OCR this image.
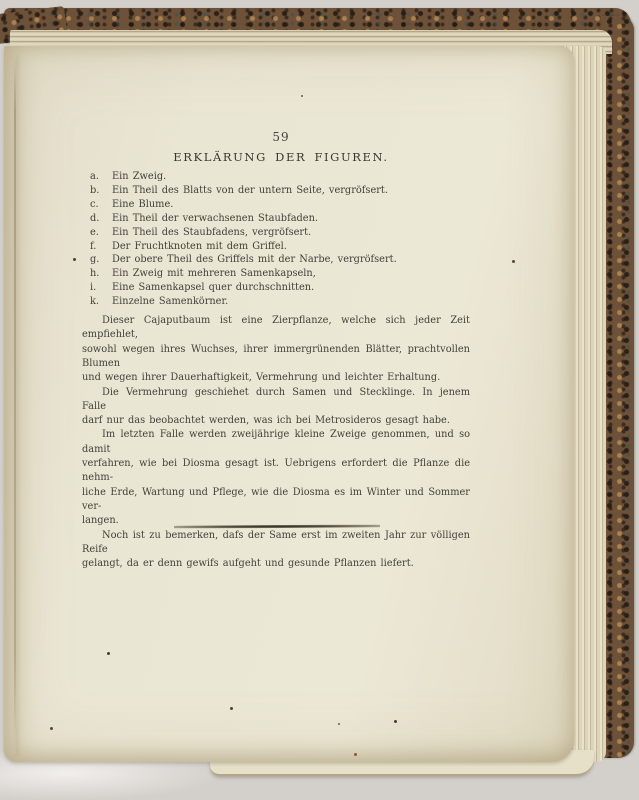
59
ERKLÄRUNG DER FIGUREN.
a. Ein Zweig.
b. Ein Theil des Blatts von der untern Seite, vergröfsert.
c. Eine Blume.
d. Ein Theil der verwachsenen Staubfaden.
e. Ein Theil des Staubfadens, vergröfsert.
f. Der Fruchtknoten mit dem Griffel.
g. Der obere Theil des Griffels mit der Narbe, vergröfsert.
h. Ein Zweig mit mehreren Samenkapseln,
i. Eine Samenkapsel quer durchschnitten.
k. Einzelne Samenkörner.
Dieser Cajaputbaum ist eine Zierpflanze, welche sich jeder Zeit empfiehlet,
sowohl wegen ihres Wuchses, ihrer immergrünenden Blätter, prachtvollen Blumen
und wegen ihrer Dauerhaftigkeit, Vermehrung und leichter Erhaltung.
Die Vermehrung geschiehet durch Samen und Stecklinge. In jenem Falle
darf nur das beobachtet werden, was ich bei Metrosideros gesagt habe.
Im letzten Falle werden zweijährige kleine Zweige genommen, und so damit
verfahren, wie bei Diosma gesagt ist. Uebrigens erfordert die Pflanze die nehm-
liche Erde, Wartung und Pflege, wie die Diosma es im Winter und Sommer ver-
langen.
Noch ist zu bemerken, dafs der Same erst im zweiten Jahr zur völligen Reife
gelangt, da er denn gewifs aufgeht und gesunde Pflanzen liefert.
